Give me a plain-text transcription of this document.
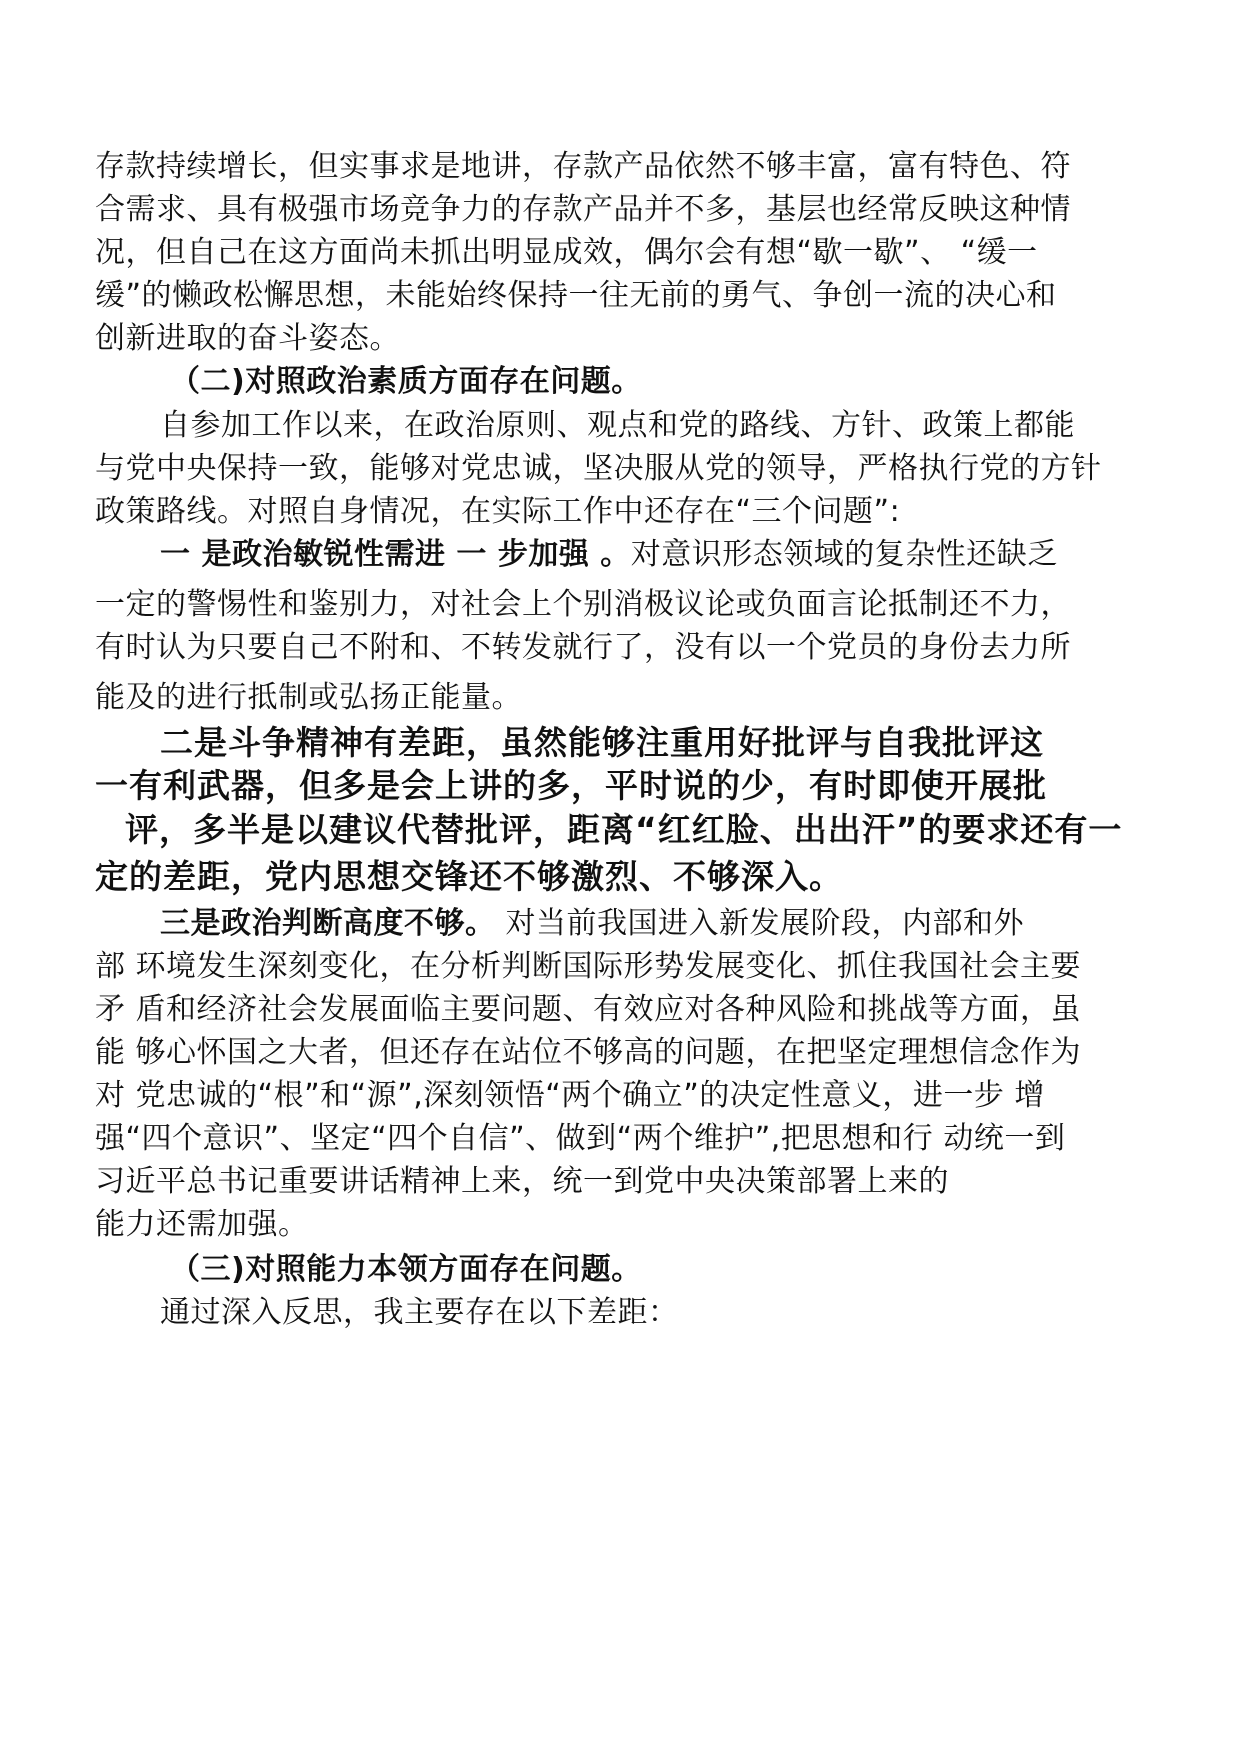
存款持续增长，但实事求是地讲，存款产品依然不够丰富，富有特色、符
合需求、具有极强市场竞争力的存款产品并不多，基层也经常反映这种情
况，但自己在这方面尚未抓出明显成效，偶尔会有想“歇一歇”、 “缓一
缓”的懒政松懈思想，未能始终保持一往无前的勇气、争创一流的决心和
创新进取的奋斗姿态。
（二)对照政治素质方面存在问题。
自参加工作以来，在政治原则、观点和党的路线、方针、政策上都能
与党中央保持一致，能够对党忠诚，坚决服从党的领导，严格执行党的方针
政策路线。对照自身情况，在实际工作中还存在“三个问题”:
一 是政治敏锐性需进 一 步加强 。对意识形态领域的复杂性还缺乏
一定的警惕性和鉴别力，对社会上个别消极议论或负面言论抵制还不力，
有时认为只要自己不附和、不转发就行了，没有以一个党员的身份去力所
能及的进行抵制或弘扬正能量。
二是斗争精神有差距，虽然能够注重用好批评与自我批评这
一有利武器，但多是会上讲的多，平时说的少，有时即使开展批
评，多半是以建议代替批评，距离“红红脸、出出汗”的要求还有一
定的差距，党内思想交锋还不够激烈、不够深入。
三是政治判断高度不够。 对当前我国进入新发展阶段，内部和外
部 环境发生深刻变化，在分析判断国际形势发展变化、抓住我国社会主要
矛 盾和经济社会发展面临主要问题、有效应对各种风险和挑战等方面，虽
能 够心怀国之大者，但还存在站位不够高的问题，在把坚定理想信念作为
对 党忠诚的“根”和“源”,深刻领悟“两个确立”的决定性意义，进一步 增
强“四个意识”、坚定“四个自信”、做到“两个维护”,把思想和行 动统一到
习近平总书记重要讲话精神上来，统一到党中央决策部署上来的
能力还需加强。
（三)对照能力本领方面存在问题。
通过深入反思，我主要存在以下差距：
